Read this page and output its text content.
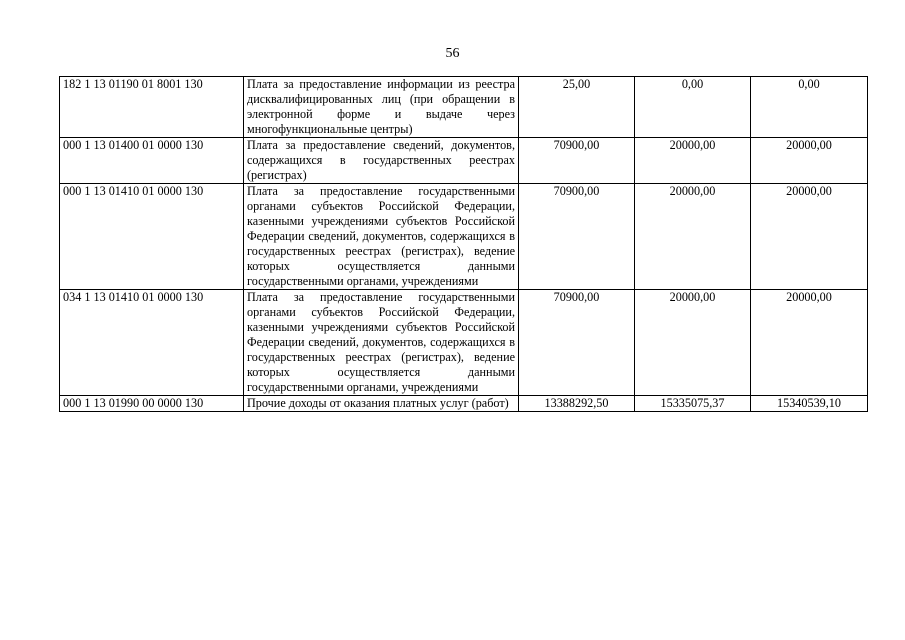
56
182 1 13 01190 01 8001 130	Плата за предоставление информации из реестра дисквалифицированных лиц (при обращении в электронной форме и выдаче через многофункциональные центры)	25,00	0,00	0,00
000 1 13 01400 01 0000 130	Плата за предоставление сведений, документов, содержащихся в государственных реестрах (регистрах)	70900,00	20000,00	20000,00
000 1 13 01410 01 0000 130	Плата за предоставление государственными органами субъектов Российской Федерации, казенными учреждениями субъектов Российской Федерации сведений, документов, содержащихся в государственных реестрах (регистрах), ведение которых осуществляется данными государственными органами, учреждениями	70900,00	20000,00	20000,00
034 1 13 01410 01 0000 130	Плата за предоставление государственными органами субъектов Российской Федерации, казенными учреждениями субъектов Российской Федерации сведений, документов, содержащихся в государственных реестрах (регистрах), ведение которых осуществляется данными государственными органами, учреждениями	70900,00	20000,00	20000,00
000 1 13 01990 00 0000 130	Прочие доходы от оказания платных услуг (работ)	13388292,50	15335075,37	15340539,10
